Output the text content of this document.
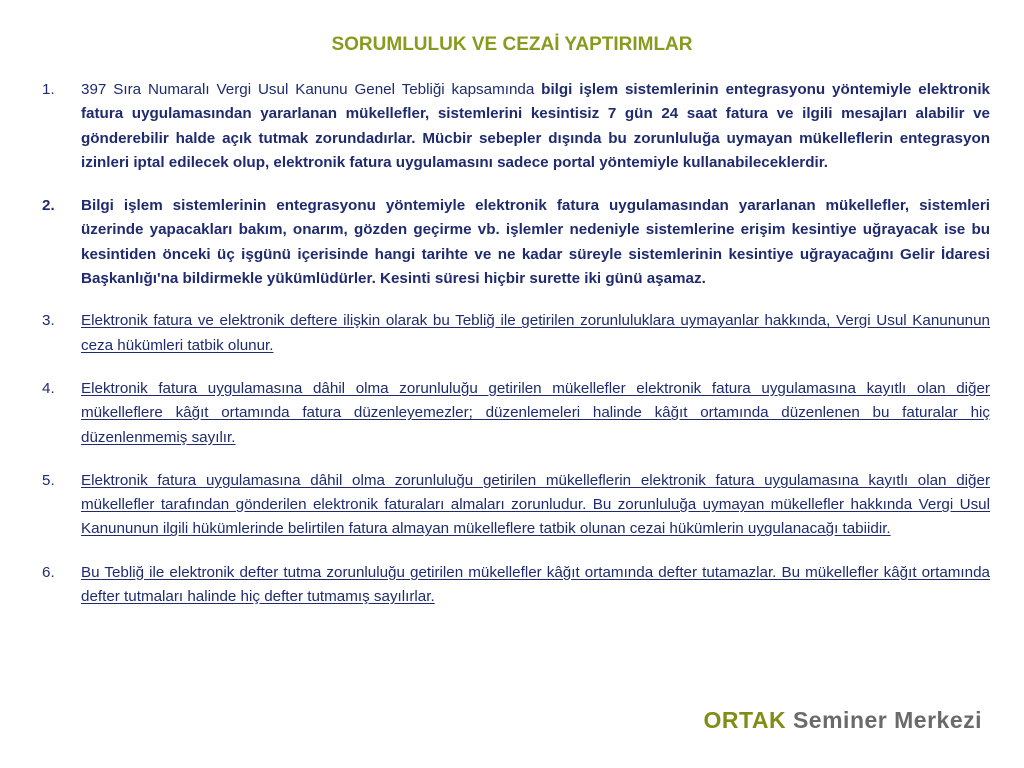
SORUMLULUK VE CEZAİ YAPTIRIMLAR
1.	397 Sıra Numaralı Vergi Usul Kanunu Genel Tebliği kapsamında bilgi işlem sistemlerinin entegrasyonu yöntemiyle elektronik fatura uygulamasından yararlanan mükellefler, sistemlerini kesintisiz 7 gün 24 saat fatura ve ilgili mesajları alabilir ve gönderebilir halde açık tutmak zorundadırlar. Mücbir sebepler dışında bu zorunluluğa uymayan mükelleflerin entegrasyon izinleri iptal edilecek olup, elektronik fatura uygulamasını sadece portal yöntemiyle kullanabileceklerdir.
2.	Bilgi işlem sistemlerinin entegrasyonu yöntemiyle elektronik fatura uygulamasından yararlanan mükellefler, sistemleri üzerinde yapacakları bakım, onarım, gözden geçirme vb. işlemler nedeniyle sistemlerine erişim kesintiye uğrayacak ise bu kesintiden önceki üç işgünü içerisinde hangi tarihte ve ne kadar süreyle sistemlerinin kesintiye uğrayacağını Gelir İdaresi Başkanlığı'na bildirmekle yükümlüdürler. Kesinti süresi hiçbir surette iki günü aşamaz.
3.	Elektronik fatura ve elektronik deftere ilişkin olarak bu Tebliğ ile getirilen zorunluluklara uymayanlar hakkında, Vergi Usul Kanununun ceza hükümleri tatbik olunur.
4.	Elektronik fatura uygulamasına dâhil olma zorunluluğu getirilen mükellefler elektronik fatura uygulamasına kayıtlı olan diğer mükelleflere kâğıt ortamında fatura düzenleyemezler; düzenlemeleri halinde kâğıt ortamında düzenlenen bu faturalar hiç düzenlenmemiş sayılır.
5.	Elektronik fatura uygulamasına dâhil olma zorunluluğu getirilen mükelleflerin elektronik fatura uygulamasına kayıtlı olan diğer mükellefler tarafından gönderilen elektronik faturaları almaları zorunludur. Bu zorunluluğa uymayan mükellefler hakkında Vergi Usul Kanununun ilgili hükümlerinde belirtilen fatura almayan mükelleflere tatbik olunan cezai hükümlerin uygulanacağı tabiidir.
6.	Bu Tebliğ ile elektronik defter tutma zorunluluğu getirilen mükellefler kâğıt ortamında defter tutamazlar. Bu mükellefler kâğıt ortamında defter tutmaları halinde hiç defter tutmamış sayılırlar.
ORTAK Seminer Merkezi
